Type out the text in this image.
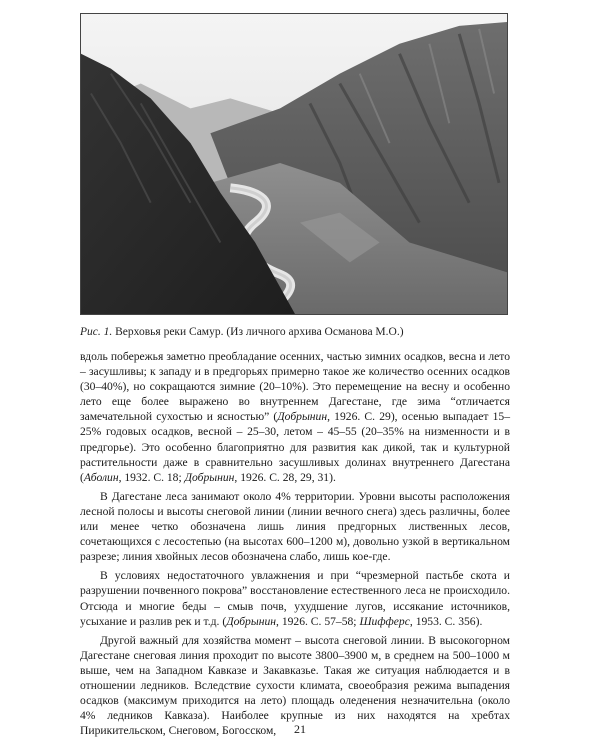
Рис. 1. Верховья реки Самур. (Из личного архива Османова М.О.)

вдоль побережья заметно преобладание осенних, частью зимних осадков, весна и лето – засушливы; к западу и в предгорьях примерно такое же количество осенних осадков (30–40%), но сокращаются зимние (20–10%). Это перемещение на весну и особенно лето еще более выражено во внутреннем Дагестане, где зима “отличается замечательной сухостью и ясностью” (Добрынин, 1926. С. 29), осенью выпадает 15–25% годовых осадков, весной – 25–30, летом – 45–55 (20–35% на низменности и в предгорье). Это особенно благоприятно для развития как дикой, так и культурной растительности даже в сравнительно засушливых долинах внутреннего Дагестана (Аболин, 1932. С. 18; Добрынин, 1926. С. 28, 29, 31).

В Дагестане леса занимают около 4% территории. Уровни высоты расположения лесной полосы и высоты снеговой линии (линии вечного снега) здесь различны, более или менее четко обозначена лишь линия предгорных лиственных лесов, сочетающихся с лесостепью (на высотах 600–1200 м), довольно узкой в вертикальном разрезе; линия хвойных лесов обозначена слабо, лишь кое-где.

В условиях недостаточного увлажнения и при “чрезмерной пастьбе скота и разрушении почвенного покрова” восстановление естественного леса не происходило. Отсюда и многие беды – смыв почв, ухудшение лугов, иссякание источников, усыхание и разлив рек и т.д. (Добрынин, 1926. С. 57–58; Шифферс, 1953. С. 356).

Другой важный для хозяйства момент – высота снеговой линии. В высокогорном Дагестане снеговая линия проходит по высоте 3800–3900 м, в среднем на 500–1000 м выше, чем на Западном Кавказе и Закавказье. Такая же ситуация наблюдается и в отношении ледников. Вследствие сухости климата, своеобразия режима выпадения осадков (максимум приходится на лето) площадь оледенения незначительна (около 4% ледников Кавказа). Наиболее крупные из них находятся на хребтах Пирикительском, Снеговом, Богосском,	21
